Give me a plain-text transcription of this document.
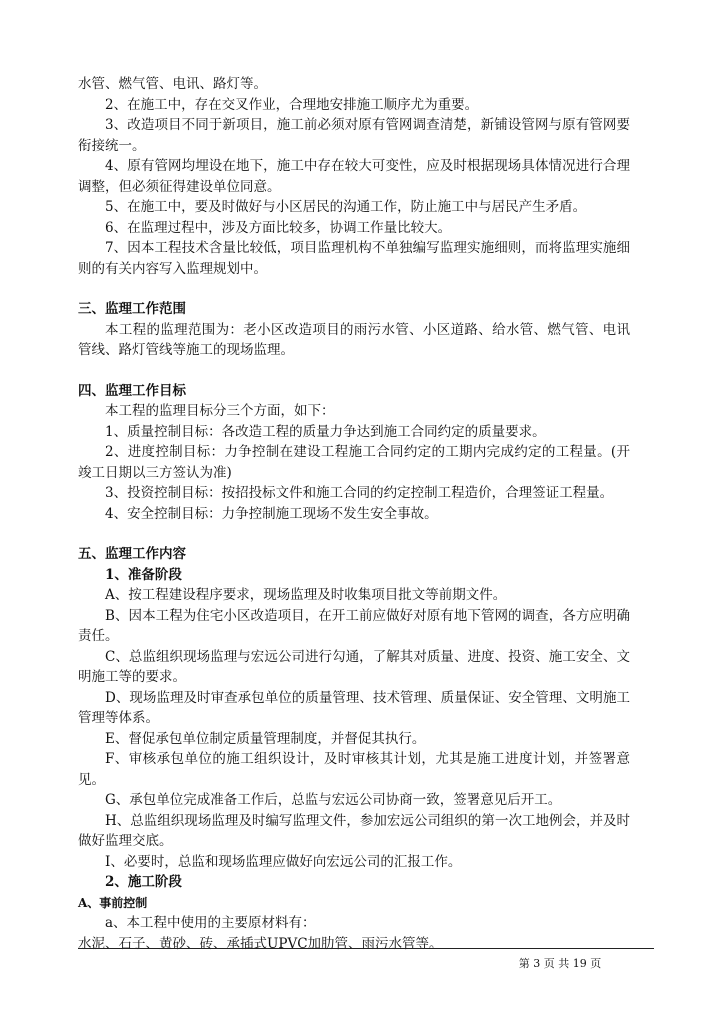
水管、燃气管、电讯、路灯等。
2、在施工中，存在交叉作业，合理地安排施工顺序尤为重要。
3、改造项目不同于新项目，施工前必须对原有管网调查清楚，新铺设管网与原有管网要衔接统一。
4、原有管网均埋设在地下，施工中存在较大可变性，应及时根据现场具体情况进行合理调整，但必须征得建设单位同意。
5、在施工中，要及时做好与小区居民的沟通工作，防止施工中与居民产生矛盾。
6、在监理过程中，涉及方面比较多，协调工作量比较大。
7、因本工程技术含量比较低，项目监理机构不单独编写监理实施细则，而将监理实施细则的有关内容写入监理规划中。
三、监理工作范围
本工程的监理范围为：老小区改造项目的雨污水管、小区道路、给水管、燃气管、电讯管线、路灯管线等施工的现场监理。
四、监理工作目标
本工程的监理目标分三个方面，如下：
1、质量控制目标：各改造工程的质量力争达到施工合同约定的质量要求。
2、进度控制目标：力争控制在建设工程施工合同约定的工期内完成约定的工程量。(开竣工日期以三方签认为准)
3、投资控制目标：按招投标文件和施工合同的约定控制工程造价，合理签证工程量。
4、安全控制目标：力争控制施工现场不发生安全事故。
五、监理工作内容
1、准备阶段
A、按工程建设程序要求，现场监理及时收集项目批文等前期文件。
B、因本工程为住宅小区改造项目，在开工前应做好对原有地下管网的调查，各方应明确责任。
C、总监组织现场监理与宏远公司进行勾通，了解其对质量、进度、投资、施工安全、文明施工等的要求。
D、现场监理及时审查承包单位的质量管理、技术管理、质量保证、安全管理、文明施工管理等体系。
E、督促承包单位制定质量管理制度，并督促其执行。
F、审核承包单位的施工组织设计，及时审核其计划，尤其是施工进度计划，并签署意见。
G、承包单位完成准备工作后，总监与宏远公司协商一致，签署意见后开工。
H、总监组织现场监理及时编写监理文件，参加宏远公司组织的第一次工地例会，并及时做好监理交底。
I、必要时，总监和现场监理应做好向宏远公司的汇报工作。
2、施工阶段
A、事前控制
a、本工程中使用的主要原材料有：
水泥、石子、黄砂、砖、承插式UPVC加肋管、雨污水管等。
第 3 页 共 19 页
